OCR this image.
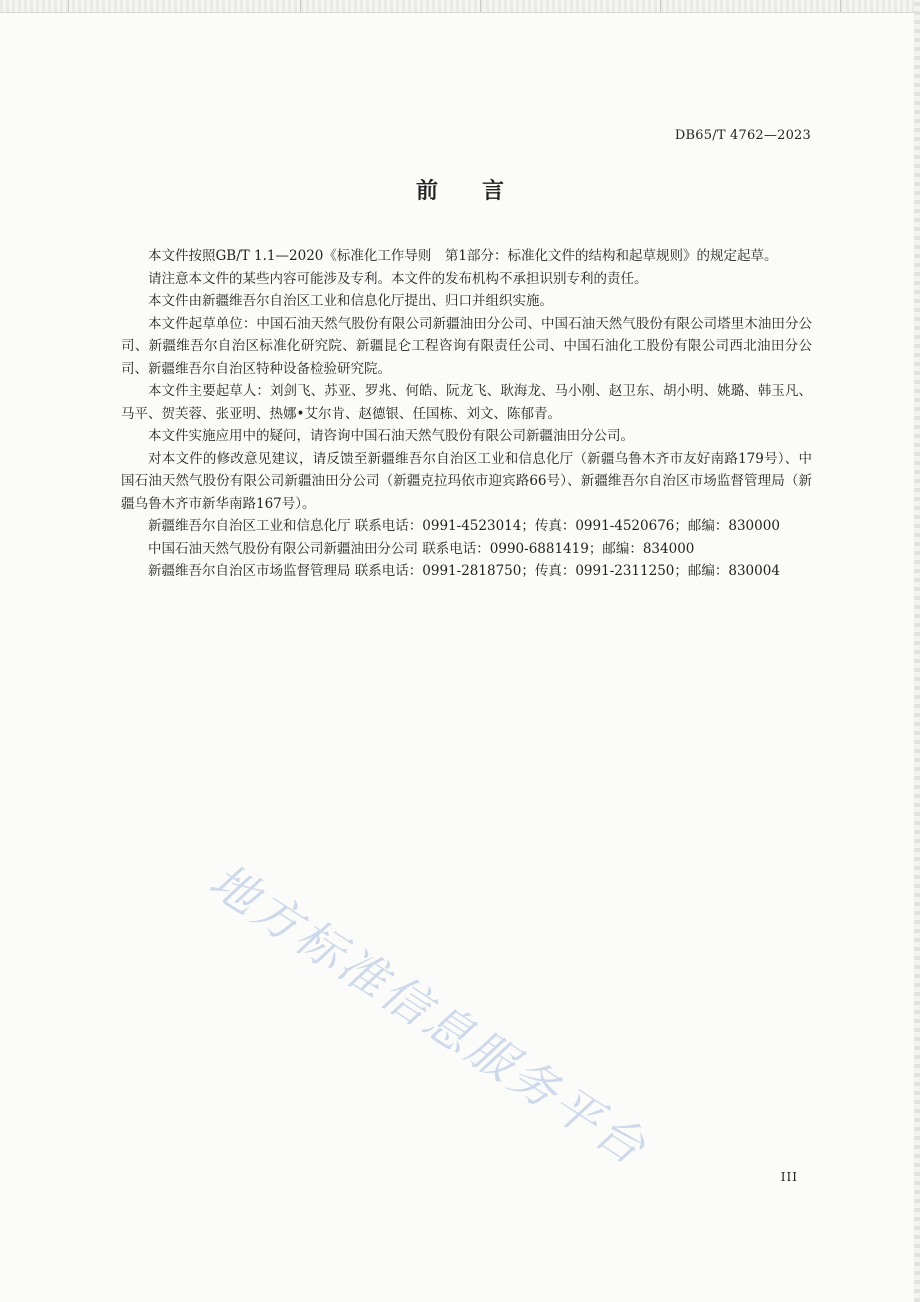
DB65/T 4762—2023
前言

本文件按照GB/T 1.1—2020《标准化工作导则　第1部分：标准化文件的结构和起草规则》的规定起草。

请注意本文件的某些内容可能涉及专利。本文件的发布机构不承担识别专利的责任。

本文件由新疆维吾尔自治区工业和信息化厅提出、归口并组织实施。

本文件起草单位：中国石油天然气股份有限公司新疆油田分公司、中国石油天然气股份有限公司塔里木油田分公司、新疆维吾尔自治区标准化研究院、新疆昆仑工程咨询有限责任公司、中国石油化工股份有限公司西北油田分公司、新疆维吾尔自治区特种设备检验研究院。

本文件主要起草人：刘剑飞、苏亚、罗兆、何皓、阮龙飞、耿海龙、马小刚、赵卫东、胡小明、姚璐、韩玉凡、马平、贺芙蓉、张亚明、热娜•艾尔肯、赵德银、任国栋、刘文、陈郁青。

本文件实施应用中的疑问，请咨询中国石油天然气股份有限公司新疆油田分公司。

对本文件的修改意见建议，请反馈至新疆维吾尔自治区工业和信息化厅（新疆乌鲁木齐市友好南路179号）、中国石油天然气股份有限公司新疆油田分公司（新疆克拉玛依市迎宾路66号）、新疆维吾尔自治区市场监督管理局（新疆乌鲁木齐市新华南路167号）。

新疆维吾尔自治区工业和信息化厅 联系电话：0991-4523014；传真：0991-4520676；邮编：830000

中国石油天然气股份有限公司新疆油田分公司 联系电话：0990-6881419；邮编：834000

新疆维吾尔自治区市场监督管理局 联系电话：0991-2818750；传真：0991-2311250；邮编：830004

地方标准信息服务平台	III
